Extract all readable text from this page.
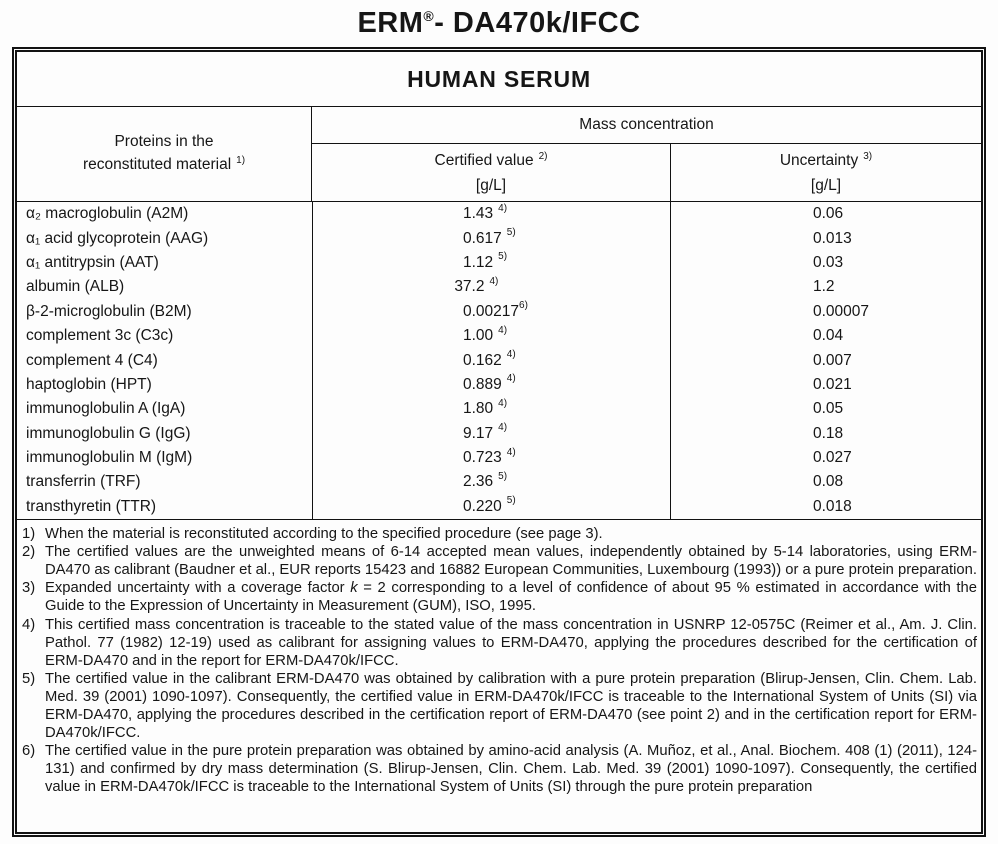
ERM®- DA470k/IFCC
HUMAN SERUM
Proteins in the
reconstituted material 1)
Mass concentration
Certified value 2)
[g/L]
Uncertainty 3)
[g/L]
α₂ macroglobulin (A2M)	1.43 4)	0.06
α₁ acid glycoprotein (AAG)	0.617 5)	0.013
α₁ antitrypsin (AAT)	1.12 5)	0.03
albumin (ALB)	37.2 4)	1.2
β-2-microglobulin (B2M)	0.00217 6)	0.00007
complement 3c (C3c)	1.00 4)	0.04
complement 4 (C4)	0.162 4)	0.007
haptoglobin (HPT)	0.889 4)	0.021
immunoglobulin A (IgA)	1.80 4)	0.05
immunoglobulin G (IgG)	9.17 4)	0.18
immunoglobulin M (IgM)	0.723 4)	0.027
transferrin (TRF)	2.36 5)	0.08
transthyretin (TTR)	0.220 5)	0.018
1) When the material is reconstituted according to the specified procedure (see page 3).
2) The certified values are the unweighted means of 6-14 accepted mean values, independently obtained by 5-14 laboratories, using ERM-DA470 as calibrant (Baudner et al., EUR reports 15423 and 16882 European Communities, Luxembourg (1993)) or a pure protein preparation.
3) Expanded uncertainty with a coverage factor k = 2 corresponding to a level of confidence of about 95 % estimated in accordance with the Guide to the Expression of Uncertainty in Measurement (GUM), ISO, 1995.
4) This certified mass concentration is traceable to the stated value of the mass concentration in USNRP 12-0575C (Reimer et al., Am. J. Clin. Pathol. 77 (1982) 12-19) used as calibrant for assigning values to ERM-DA470, applying the procedures described for the certification of ERM-DA470 and in the report for ERM-DA470k/IFCC.
5) The certified value in the calibrant ERM-DA470 was obtained by calibration with a pure protein preparation (Blirup-Jensen, Clin. Chem. Lab. Med. 39 (2001) 1090-1097). Consequently, the certified value in ERM-DA470k/IFCC is traceable to the International System of Units (SI) via ERM-DA470, applying the procedures described in the certification report of ERM-DA470 (see point 2) and in the certification report for ERM-DA470k/IFCC.
6) The certified value in the pure protein preparation was obtained by amino-acid analysis (A. Muñoz, et al., Anal. Biochem. 408 (1) (2011), 124-131) and confirmed by dry mass determination (S. Blirup-Jensen, Clin. Chem. Lab. Med. 39 (2001) 1090-1097). Consequently, the certified value in ERM-DA470k/IFCC is traceable to the International System of Units (SI) through the pure protein preparation
